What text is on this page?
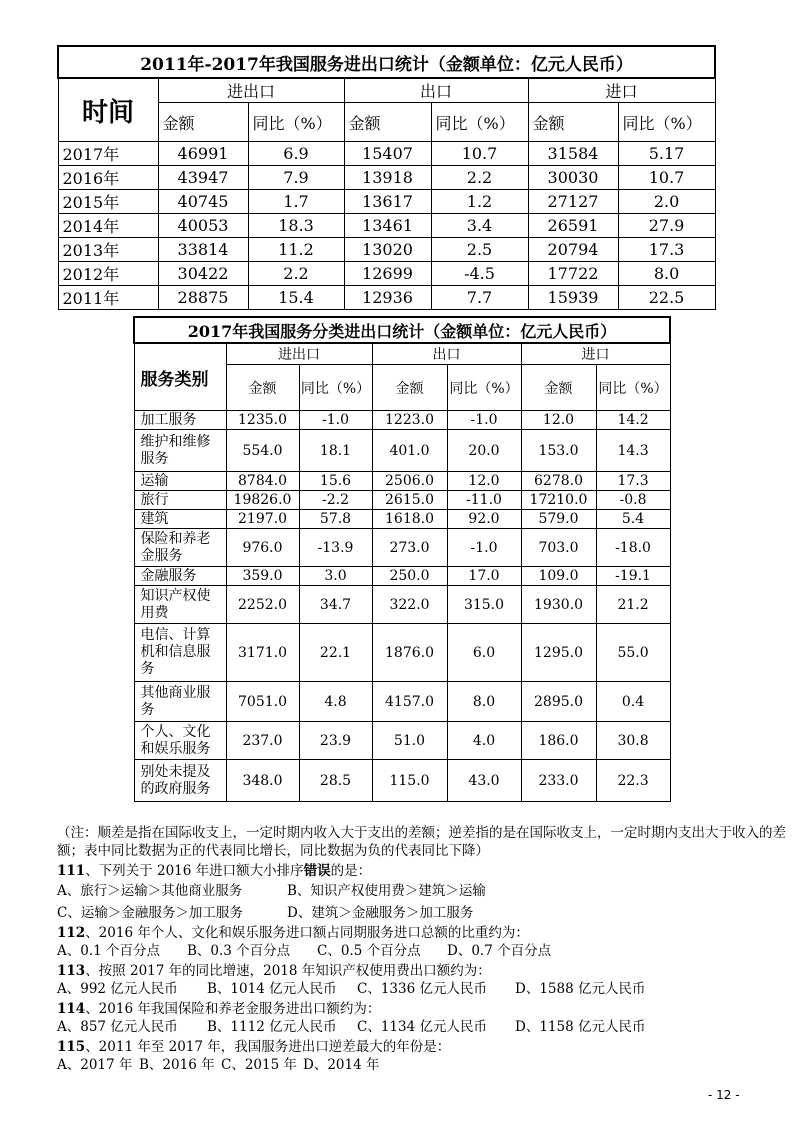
2011年-2017年我国服务进出口统计（金额单位：亿元人民币）						
时间	进出口		出口		进口	
	金额	同比（%）	金额	同比（%）	金额	同比（%）
2017年	46991	6.9	15407	10.7	31584	5.17
2016年	43947	7.9	13918	2.2	30030	10.7
2015年	40745	1.7	13617	1.2	27127	2.0
2014年	40053	18.3	13461	3.4	26591	27.9
2013年	33814	11.2	13020	2.5	20794	17.3
2012年	30422	2.2	12699	-4.5	17722	8.0
2011年	28875	15.4	12936	7.7	15939	22.5
2017年我国服务分类进出口统计（金额单位：亿元人民币）						
服务类别	进出口		出口		进口	
	金额	同比（%）	金额	同比（%）	金额	同比（%）
加工服务	1235.0	-1.0	1223.0	-1.0	12.0	14.2
维护和维修
服务	554.0	18.1	401.0	20.0	153.0	14.3
运输	8784.0	15.6	2506.0	12.0	6278.0	17.3
旅行	19826.0	-2.2	2615.0	-11.0	17210.0	-0.8
建筑	2197.0	57.8	1618.0	92.0	579.0	5.4
保险和养老
金服务	976.0	-13.9	273.0	-1.0	703.0	-18.0
金融服务	359.0	3.0	250.0	17.0	109.0	-19.1
知识产权使
用费	2252.0	34.7	322.0	315.0	1930.0	21.2
电信、计算
机和信息服
务	3171.0	22.1	1876.0	6.0	1295.0	55.0
其他商业服
务	7051.0	4.8	4157.0	8.0	2895.0	0.4
个人、文化
和娱乐服务	237.0	23.9	51.0	4.0	186.0	30.8
别处未提及
的政府服务	348.0	28.5	115.0	43.0	233.0	22.3
（注：顺差是指在国际收支上，一定时期内收入大于支出的差额；逆差指的是在国际收支上，一定时期内支出大于收入的差额；表中同比数据为正的代表同比增长，同比数据为负的代表同比下降）
111、下列关于 2016 年进口额大小排序错误的是：
A、旅行＞运输＞其他商业服务	B、知识产权使用费＞建筑＞运输
C、运输＞金融服务＞加工服务	D、建筑＞金融服务＞加工服务
112、2016 年个人、文化和娱乐服务进口额占同期服务进口总额的比重约为：
A、0.1 个百分点 B、0.3 个百分点 C、0.5 个百分点 D、0.7 个百分点
113、按照 2017 年的同比增速，2018 年知识产权使用费出口额约为：
A、992 亿元人民币 B、1014 亿元人民币 C、1336 亿元人民币 D、1588 亿元人民币
114、2016 年我国保险和养老金服务进出口额约为：
A、857 亿元人民币 B、1112 亿元人民币 C、1134 亿元人民币 D、1158 亿元人民币
115、2011 年至 2017 年，我国服务进出口逆差最大的年份是：
A、2017 年 B、2016 年 C、2015 年 D、2014 年
- 12 -
